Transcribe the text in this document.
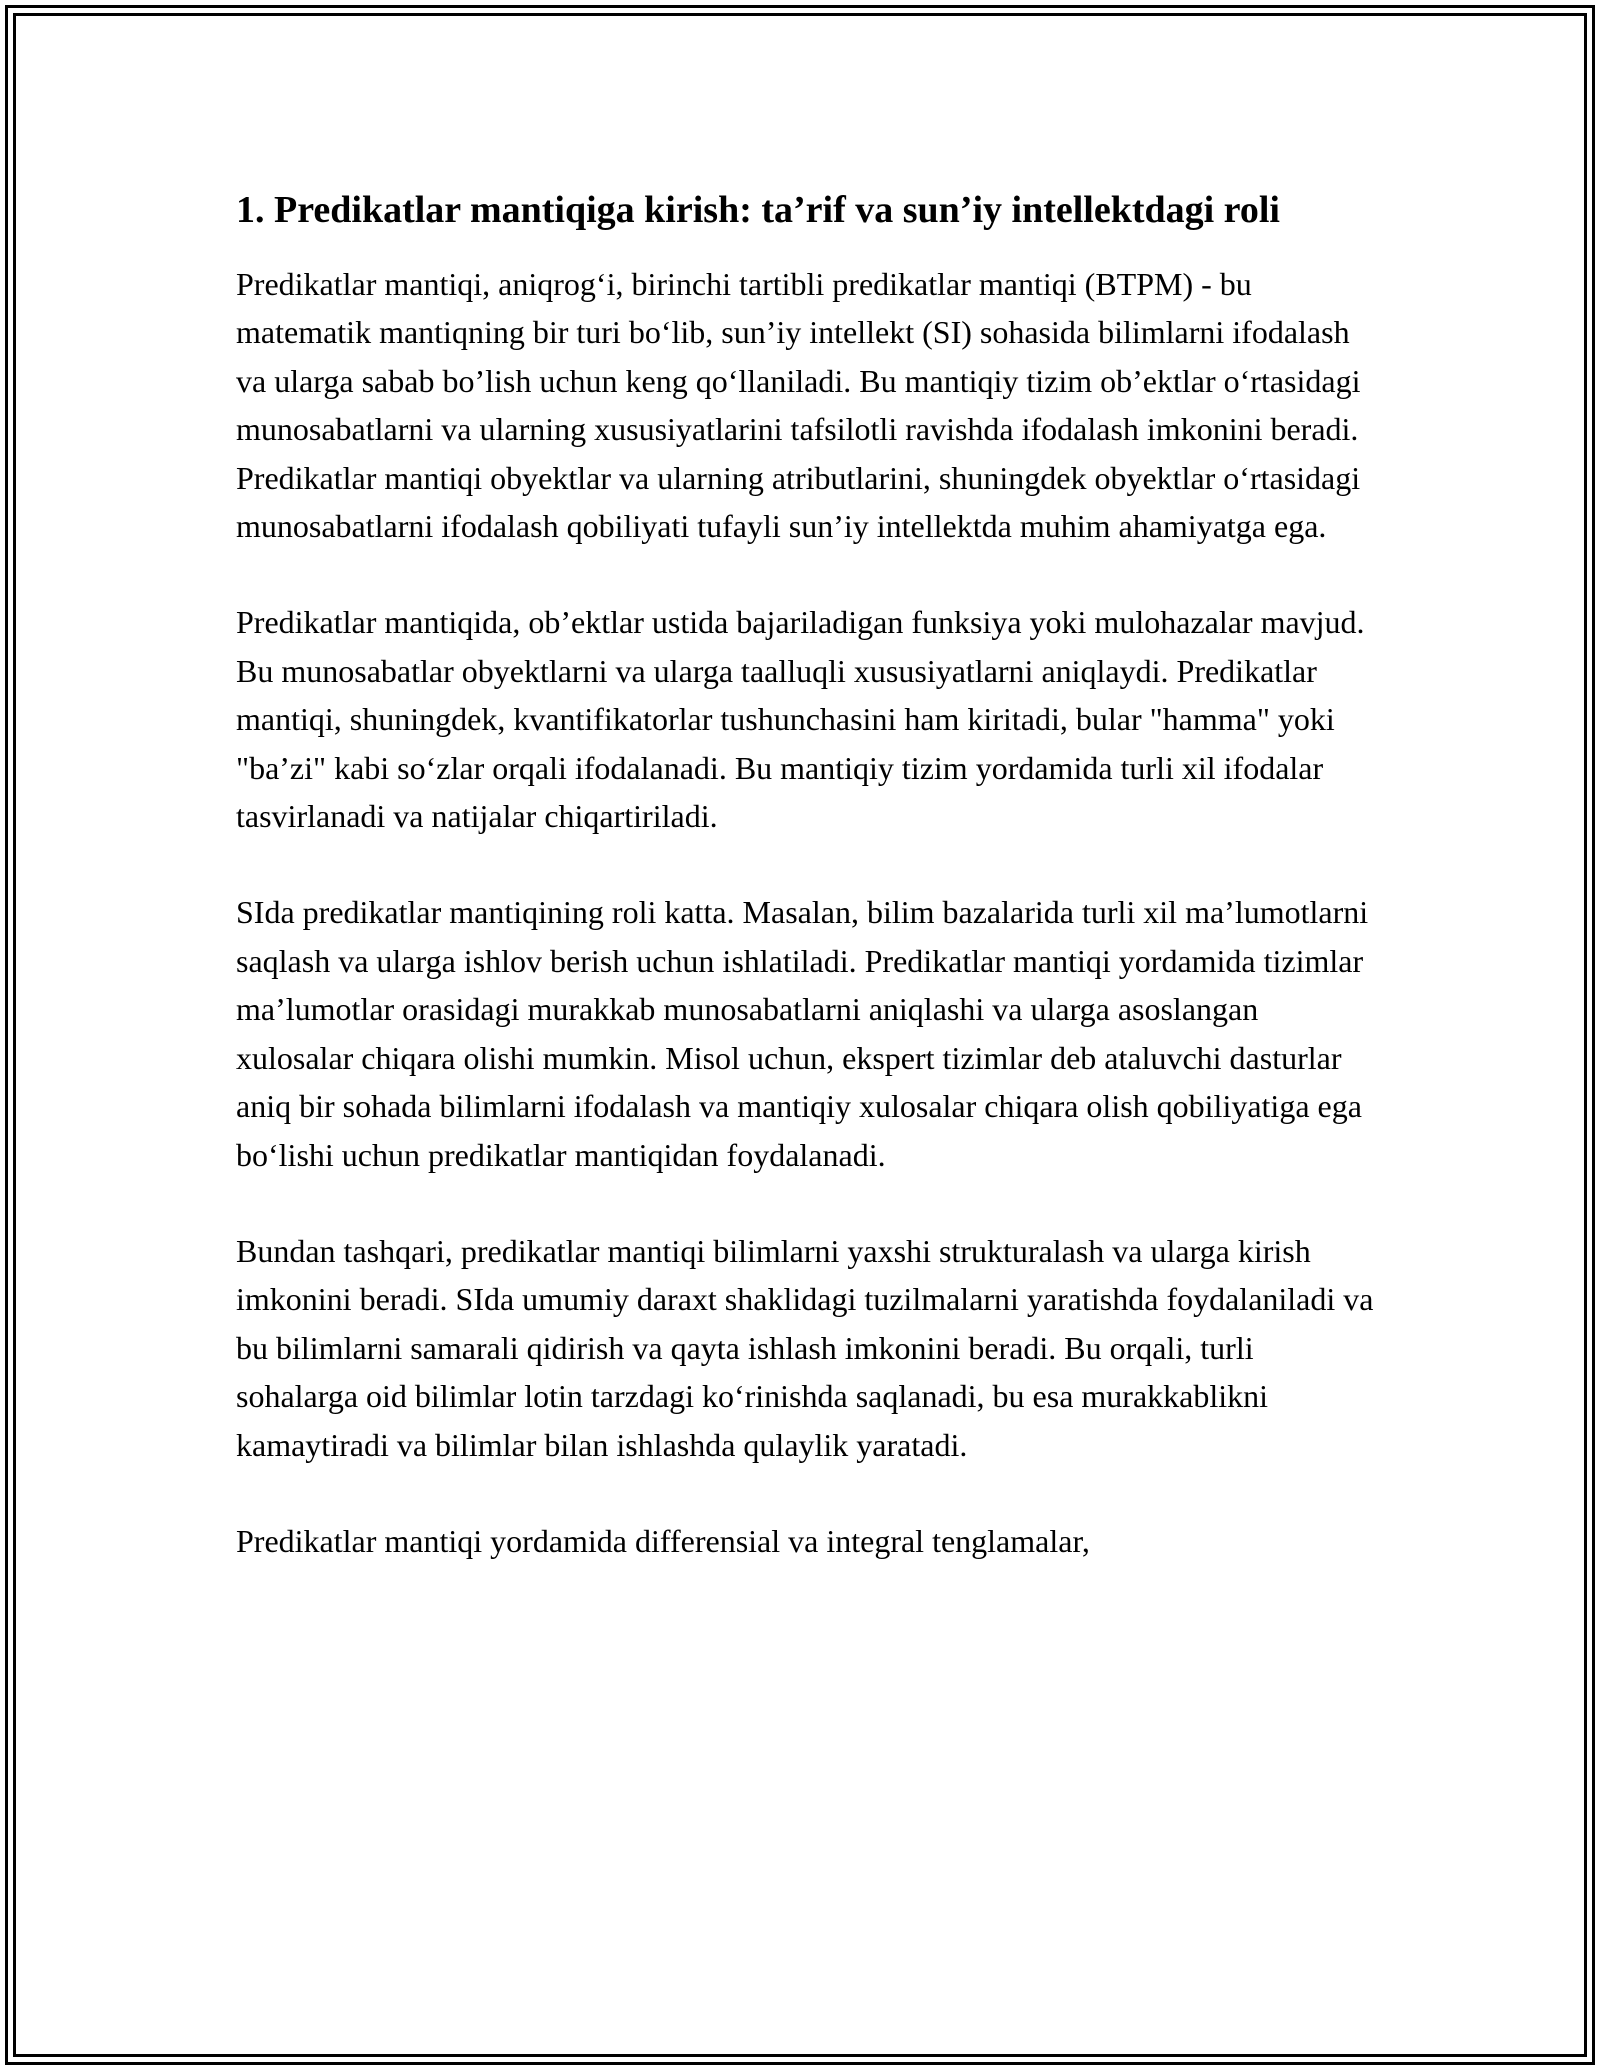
1. Predikatlar mantiqiga kirish: ta’rif va sun’iy intellektdagi roli

Predikatlar mantiqi, aniqrog‘i, birinchi tartibli predikatlar mantiqi (BTPM) - bu matematik mantiqning bir turi bo‘lib, sun’iy intellekt (SI) sohasida bilimlarni ifodalash va ularga sabab bo’lish uchun keng qo‘llaniladi. Bu mantiqiy tizim ob’ektlar o‘rtasidagi munosabatlarni va ularning xususiyatlarini tafsilotli ravishda ifodalash imkonini beradi. Predikatlar mantiqi obyektlar va ularning atributlarini, shuningdek obyektlar o‘rtasidagi munosabatlarni ifodalash qobiliyati tufayli sun’iy intellektda muhim ahamiyatga ega.

Predikatlar mantiqida, ob’ektlar ustida bajariladigan funksiya yoki mulohazalar mavjud. Bu munosabatlar obyektlarni va ularga taalluqli xususiyatlarni aniqlaydi. Predikatlar mantiqi, shuningdek, kvantifikatorlar tushunchasini ham kiritadi, bular "hamma" yoki "ba’zi" kabi so‘zlar orqali ifodalanadi. Bu mantiqiy tizim yordamida turli xil ifodalar tasvirlanadi va natijalar chiqartiriladi.

SIda predikatlar mantiqining roli katta. Masalan, bilim bazalarida turli xil ma’lumotlarni saqlash va ularga ishlov berish uchun ishlatiladi. Predikatlar mantiqi yordamida tizimlar ma’lumotlar orasidagi murakkab munosabatlarni aniqlashi va ularga asoslangan xulosalar chiqara olishi mumkin. Misol uchun, ekspert tizimlar deb ataluvchi dasturlar aniq bir sohada bilimlarni ifodalash va mantiqiy xulosalar chiqara olish qobiliyatiga ega bo‘lishi uchun predikatlar mantiqidan foydalanadi.

Bundan tashqari, predikatlar mantiqi bilimlarni yaxshi strukturalash va ularga kirish imkonini beradi. SIda umumiy daraxt shaklidagi tuzilmalarni yaratishda foydalaniladi va bu bilimlarni samarali qidirish va qayta ishlash imkonini beradi. Bu orqali, turli sohalarga oid bilimlar lotin tarzdagi ko‘rinishda saqlanadi, bu esa murakkablikni kamaytiradi va bilimlar bilan ishlashda qulaylik yaratadi.

Predikatlar mantiqi yordamida differensial va integral tenglamalar,
